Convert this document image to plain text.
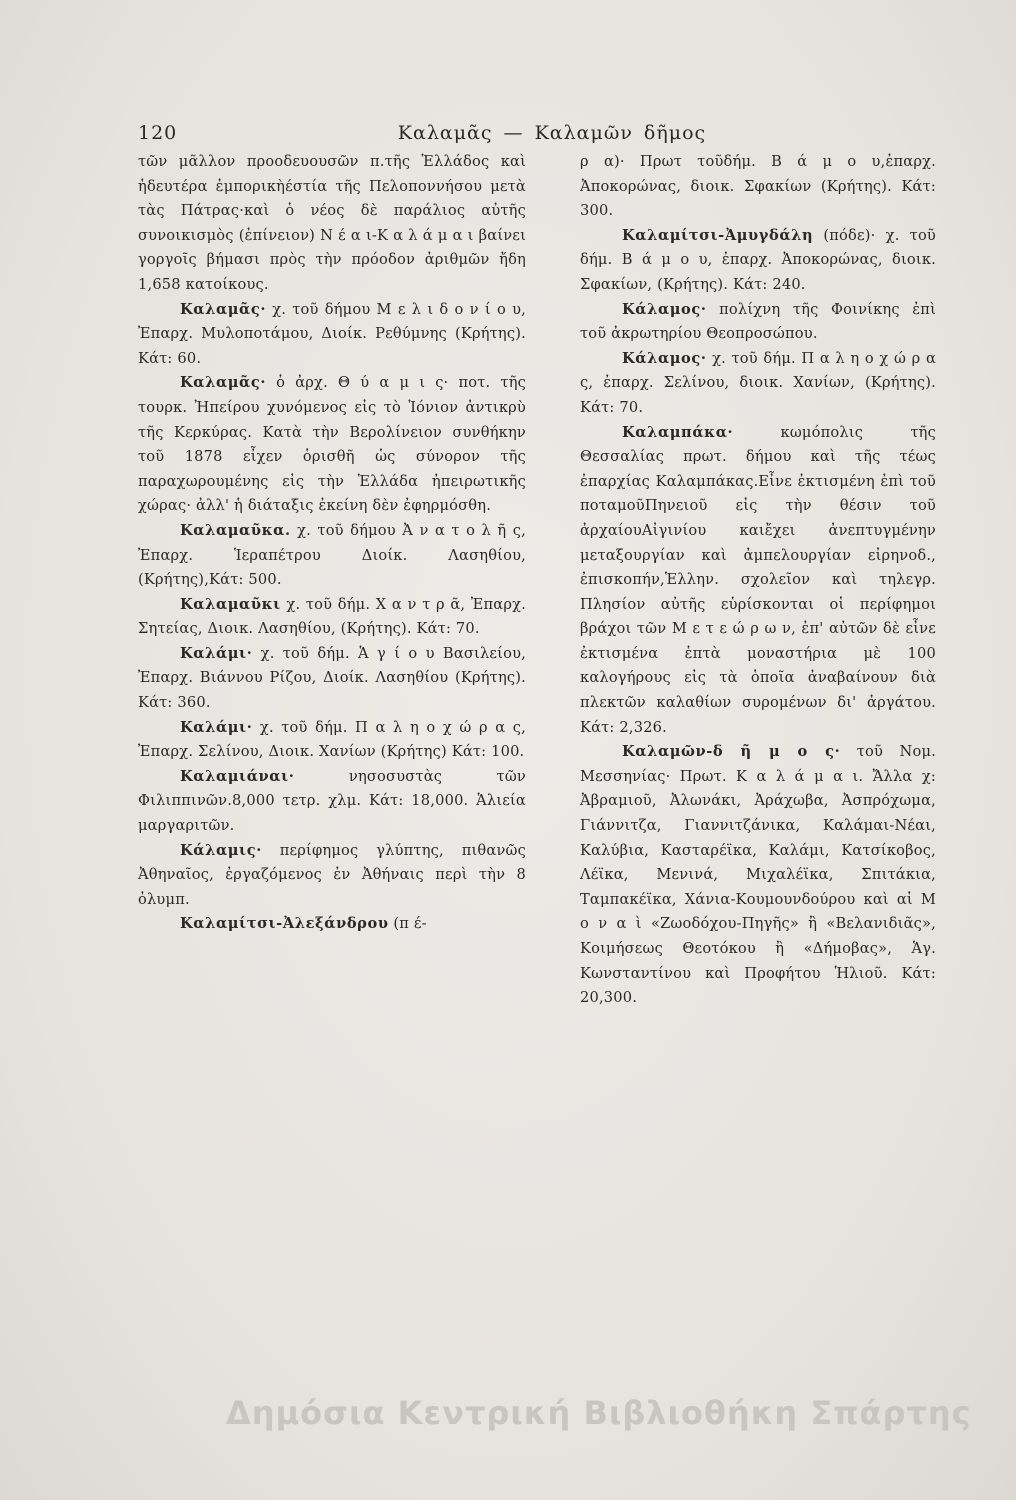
120	Καλαμᾶς — Καλαμῶν δῆμος

τῶν μᾶλλον προοδευουσῶν π.τῆς Ἑλλάδος καὶ ἡδευτέρα ἐμπορικὴέστία τῆς Πελοποννήσου μετὰ τὰς Πάτρας·καὶ ὁ νέος δὲ παράλιος αὐτῆς συνοικισμὸς (ἐπίνειον) Ν έ α ι-Κ α λ ά μ α ι βαίνει γοργοῖς βήμασι πρὸς τὴν πρόοδον ἀριθμῶν ἤδη 1,658 κατοίκους.

Καλαμᾶς· χ. τοῦ δήμου Μ ε λ ι δ ο ν ί ο υ, Ἐπαρχ. Μυλοποτάμου, Διοίκ. Ρεθύμνης (Κρήτης). Κάτ: 60.

Καλαμᾶς· ὁ ἀρχ. Θ ύ α μ ι ς· ποτ. τῆς τουρκ. Ἠπείρου χυνόμενος εἰς τὸ Ἰόνιον ἀντικρὺ τῆς Κερκύρας. Κατὰ τὴν Βερολίνειον συνθήκην τοῦ 1878 εἶχεν ὁρισθῆ ὡς σύνορον τῆς παραχωρουμένης εἰς τὴν Ἑλλάδα ἠπειρωτικῆς χώρας· ἀλλ' ἡ διάταξις ἐκείνη δὲν ἐφηρμόσθη.

Καλαμαῦκα. χ. τοῦ δήμου Ἀ ν α τ ο λ ῆ ς, Ἐπαρχ. Ἱεραπέτρου Διοίκ. Λασηθίου, (Κρήτης),Κάτ: 500.

Καλαμαῦκι χ. τοῦ δήμ. Χ α ν τ ρ ᾶ, Ἐπαρχ. Σητείας, Διοικ. Λασηθίου, (Κρήτης). Κάτ: 70.

Καλάμι· χ. τοῦ δήμ. Ἁ γ ί ο υ Βασιλείου, Ἐπαρχ. Βιάννου Ρίζου, Διοίκ. Λασηθίου (Κρήτης). Κάτ: 360.

Καλάμι· χ. τοῦ δήμ. Π α λ η ο χ ώ ρ α ς, Ἐπαρχ. Σελίνου, Διοικ. Χανίων (Κρήτης) Κάτ: 100.

Καλαμιάναι·	νησοσυστὰς τῶν Φιλιππινῶν.8,000 τετρ. χλμ. Κάτ: 18,000. Ἁλιεία μαργαριτῶν.

Κάλαμις· περίφημος γλύπτης, πιθανῶς Ἀθηναῖος, ἐργαζόμενος ἐν Ἀθήναις περὶ τὴν 8 ὀλυμπ.

Καλαμίτσι-Ἀλεξάνδρου (π έ-

ρ α)· Πρωτ τοῦδήμ. Β ά μ ο υ,ἐπαρχ. Ἀποκορώνας, διοικ. Σφακίων (Κρήτης). Κάτ: 300.

Καλαμίτσι-Ἀμυγδάλη (πόδε)· χ. τοῦ δήμ. Β ά μ ο υ, ἐπαρχ. Ἀποκορώνας, διοικ. Σφακίων, (Κρήτης). Κάτ: 240.

Κάλαμος· πολίχνη τῆς Φοινίκης ἐπὶ τοῦ ἀκρωτηρίου Θεοπροσώπου.

Κάλαμος· χ. τοῦ δήμ. Π α λ η ο χ ώ ρ α ς, ἐπαρχ. Σελίνου, διοικ. Χανίων, (Κρήτης). Κάτ: 70.

Καλαμπάκα·	κωμόπολις τῆς Θεσσαλίας πρωτ. δήμου καὶ τῆς τέως ἐπαρχίας Καλαμπάκας.Εἶνε ἐκτισμένη ἐπὶ τοῦ ποταμοῦΠηνειοῦ εἰς τὴν θέσιν τοῦ ἀρχαίουΑἰγινίου καιἔχει ἀνεπτυγμένην μεταξουργίαν καὶ ἀμπελουργίαν εἰρηνοδ., ἐπισκοπήν,Ἑλλην. σχολεῖον καὶ τηλεγρ. Πλησίον αὐτῆς εὑρίσκονται οἱ περίφημοι βράχοι τῶν Μ ε τ ε ώ ρ ω ν, ἐπ' αὐτῶν δὲ εἶνε ἐκτισμένα ἑπτὰ μοναστήρια μὲ 100 καλογήρους εἰς τὰ ὁποῖα ἀναβαίνουν διὰ πλεκτῶν καλαθίων συρομένων δι' ἀργάτου. Κάτ: 2,326.

Καλαμῶν-δ ῆ μ ο ς· τοῦ Νομ. Μεσσηνίας· Πρωτ. Κ α λ ά μ α ι. Ἄλλα χ: Ἀβραμιοῦ, Ἀλωνάκι, Ἀράχωβα, Ἀσπρόχωμα, Γιάννιτζα, Γιαννιτζάνικα, Καλάμαι-Νέαι, Καλύβια, Κασταρέϊκα, Καλάμι, Κατσίκοβος, Λέϊκα, Μενινά, Μιχαλέϊκα, Σπιτάκια, Ταμπακέϊκα, Χάνια-Κουμουνδούρου καὶ αἱ Μ ο ν α ὶ «Ζωοδόχου-Πηγῆς» ἢ «Βελανιδιᾶς», Κοιμήσεως Θεοτόκου ἢ «Δήμοβας», Ἁγ. Κωνσταντίνου καὶ Προφήτου Ἡλιοῦ. Κάτ: 20,300.

Δημόσια Κεντρική Βιβλιοθήκη Σπάρτης
